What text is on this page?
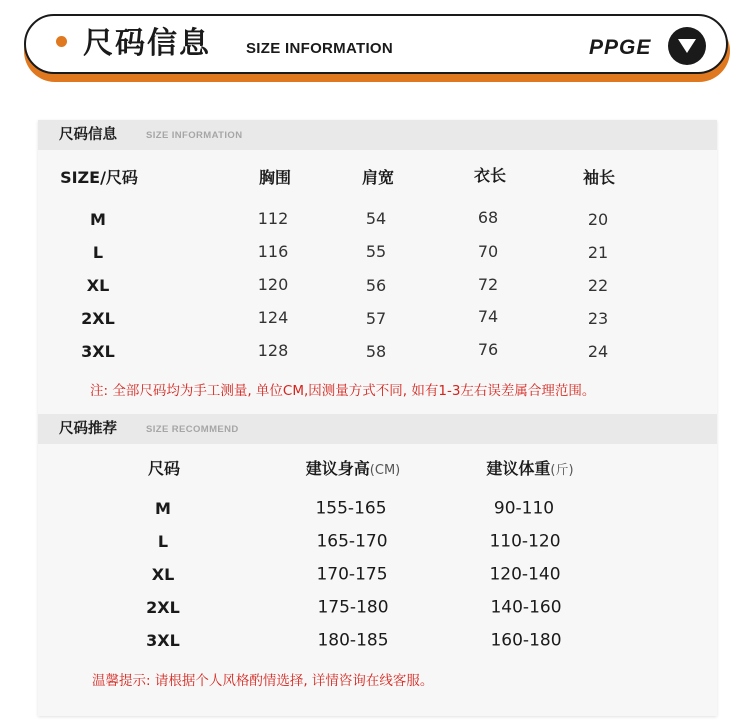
尺码信息 SIZE INFORMATION	PPGE
尺码信息	SIZE INFORMATION
SIZE/尺码	胸围	肩宽	衣长	袖长
M	112	54	68	20
L	116	55	70	21
XL	120	56	72	22
2XL	124	57	74	23
3XL	128	58	76	24
注: 全部尺码均为手工测量, 单位CM,因测量方式不同, 如有1-3左右误差属合理范围。
尺码推荐	SIZE RECOMMEND
尺码	建议身高(CM)	建议体重(斤)
M	155-165	90-110
L	165-170	110-120
XL	170-175	120-140
2XL	175-180	140-160
3XL	180-185	160-180
温馨提示: 请根据个人风格酌情选择, 详情咨询在线客服。
